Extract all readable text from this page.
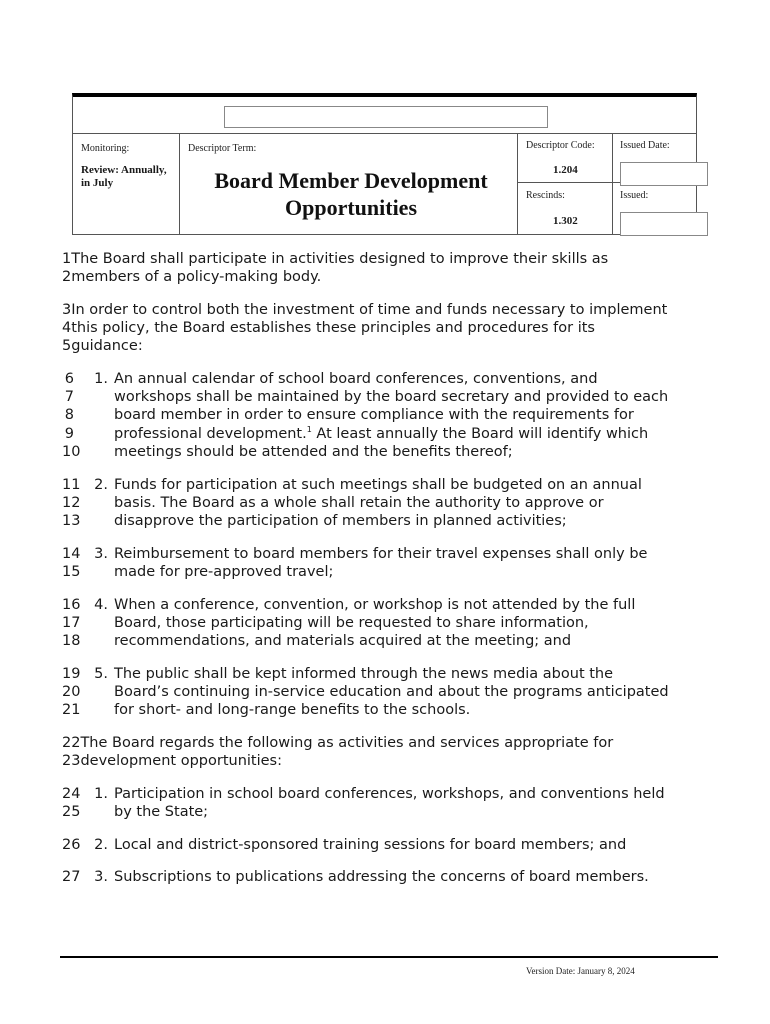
Monitoring:
Review: Annually,
in July
Descriptor Term:
Board Member Development
Opportunities
Descriptor Code:
1.204
Rescinds:
1.302
Issued Date:
Issued:
1 The Board shall participate in activities designed to improve their skills as
2 members of a policy-making body.
3 In order to control both the investment of time and funds necessary to implement
4 this policy, the Board establishes these principles and procedures for its
5 guidance:
6
7
8
9
10
1. An annual calendar of school board conferences, conventions, and
workshops shall be maintained by the board secretary and provided to each
board member in order to ensure compliance with the requirements for
professional development.$^1$ At least annually the Board will identify which
meetings should be attended and the benefits thereof;
11
12
13
2. Funds for participation at such meetings shall be budgeted on an annual
basis. The Board as a whole shall retain the authority to approve or
disapprove the participation of members in planned activities;
14
15
3. Reimbursement to board members for their travel expenses shall only be
made for pre-approved travel;
16
17
18
4. When a conference, convention, or workshop is not attended by the full
Board, those participating will be requested to share information,
recommendations, and materials acquired at the meeting; and
19
20
21
5. The public shall be kept informed through the news media about the
Board’s continuing in-service education and about the programs anticipated
for short- and long-range benefits to the schools.
22 The Board regards the following as activities and services appropriate for
23 development opportunities:
24
25
1. Participation in school board conferences, workshops, and conventions held
by the State;
26 2. Local and district-sponsored training sessions for board members; and
27 3. Subscriptions to publications addressing the concerns of board members.
Version Date: January 8, 2024
